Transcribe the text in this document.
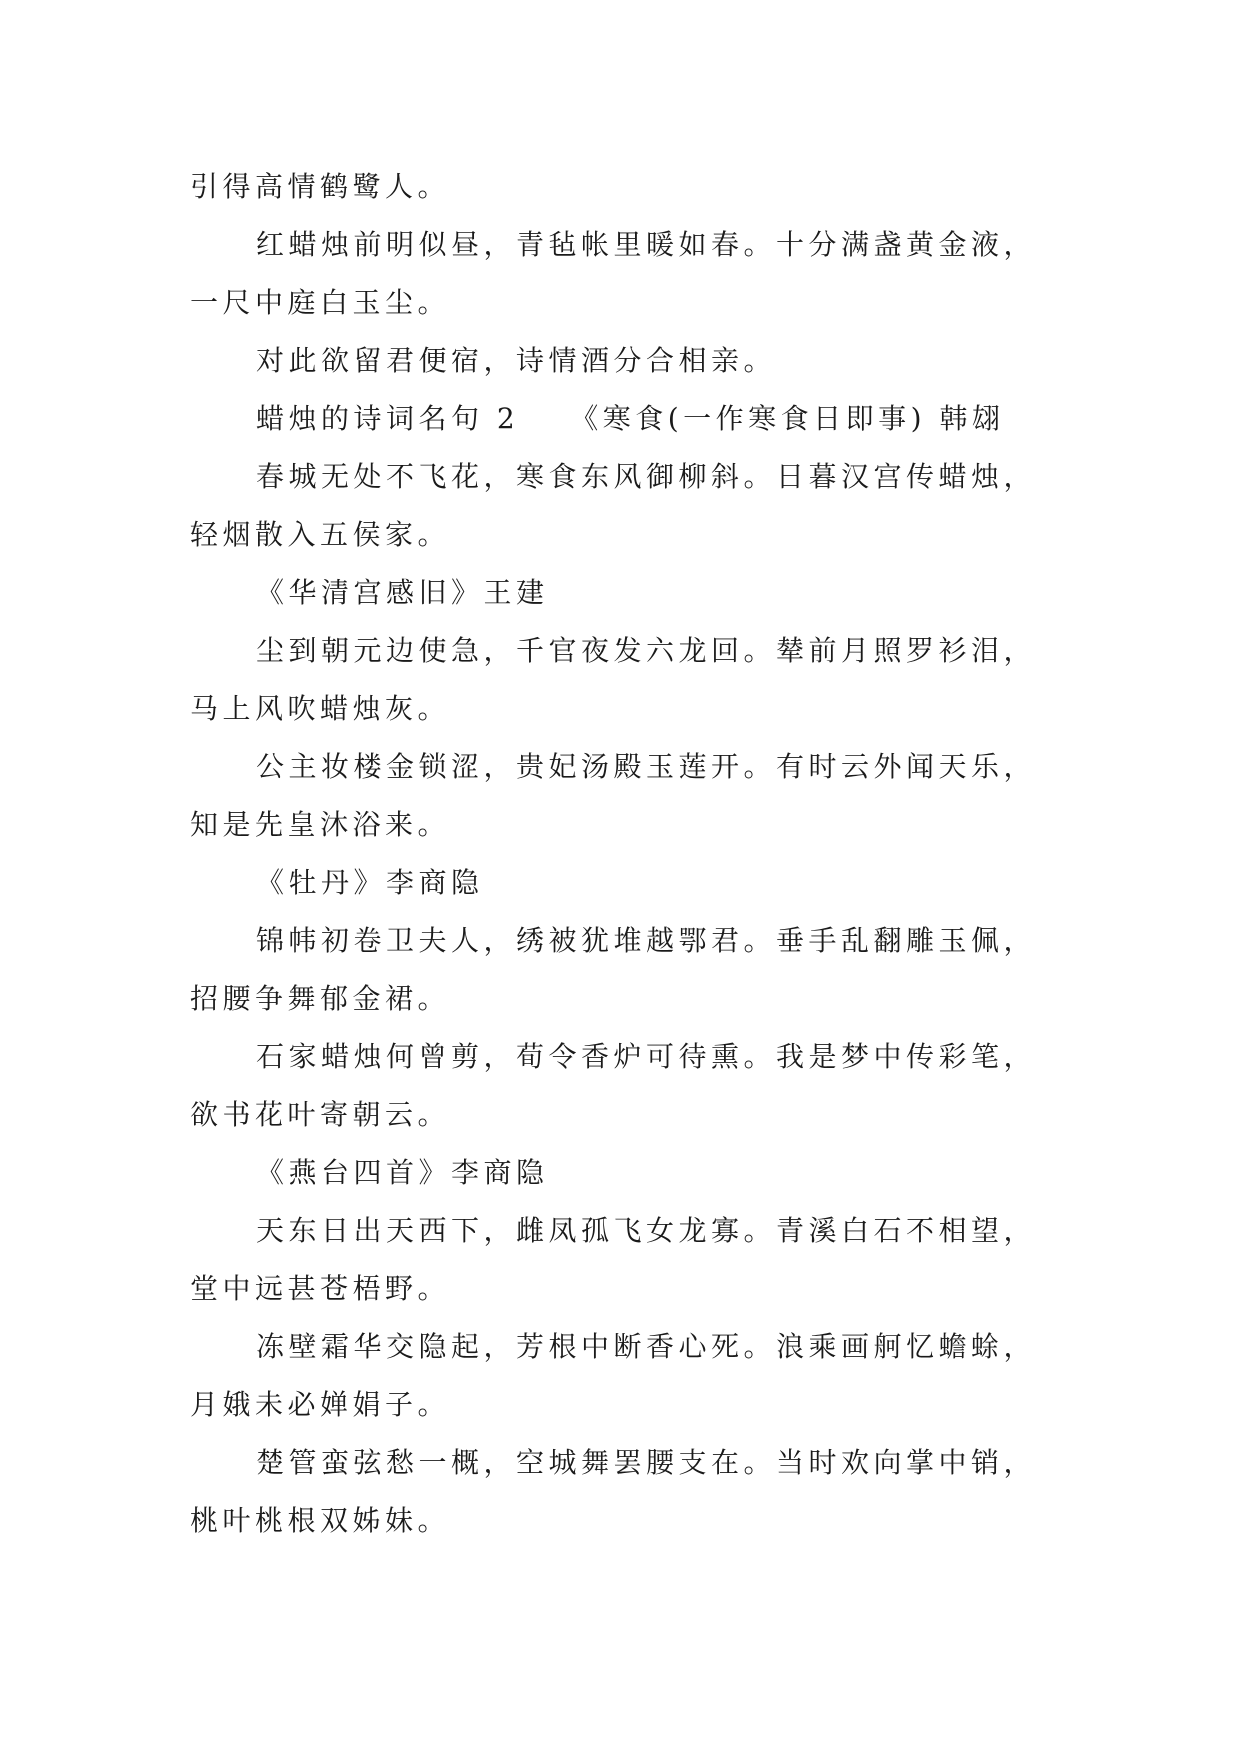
引得高情鹤鹭人。
红蜡烛前明似昼，青毡帐里暖如春。十分满盏黄金液，
一尺中庭白玉尘。
对此欲留君便宿，诗情酒分合相亲。
蜡烛的诗词名句 2　　《寒食(一作寒食日即事) 韩翃
春城无处不飞花，寒食东风御柳斜。日暮汉宫传蜡烛，
轻烟散入五侯家。
《华清宫感旧》王建
尘到朝元边使急，千官夜发六龙回。辇前月照罗衫泪，
马上风吹蜡烛灰。
公主妆楼金锁涩，贵妃汤殿玉莲开。有时云外闻天乐，
知是先皇沐浴来。
《牡丹》李商隐
锦帏初卷卫夫人，绣被犹堆越鄂君。垂手乱翻雕玉佩，
招腰争舞郁金裙。
石家蜡烛何曾剪，荀令香炉可待熏。我是梦中传彩笔，
欲书花叶寄朝云。
《燕台四首》李商隐
天东日出天西下，雌凤孤飞女龙寡。青溪白石不相望，
堂中远甚苍梧野。
冻壁霜华交隐起，芳根中断香心死。浪乘画舸忆蟾蜍，
月娥未必婵娟子。
楚管蛮弦愁一概，空城舞罢腰支在。当时欢向掌中销，
桃叶桃根双姊妹。
